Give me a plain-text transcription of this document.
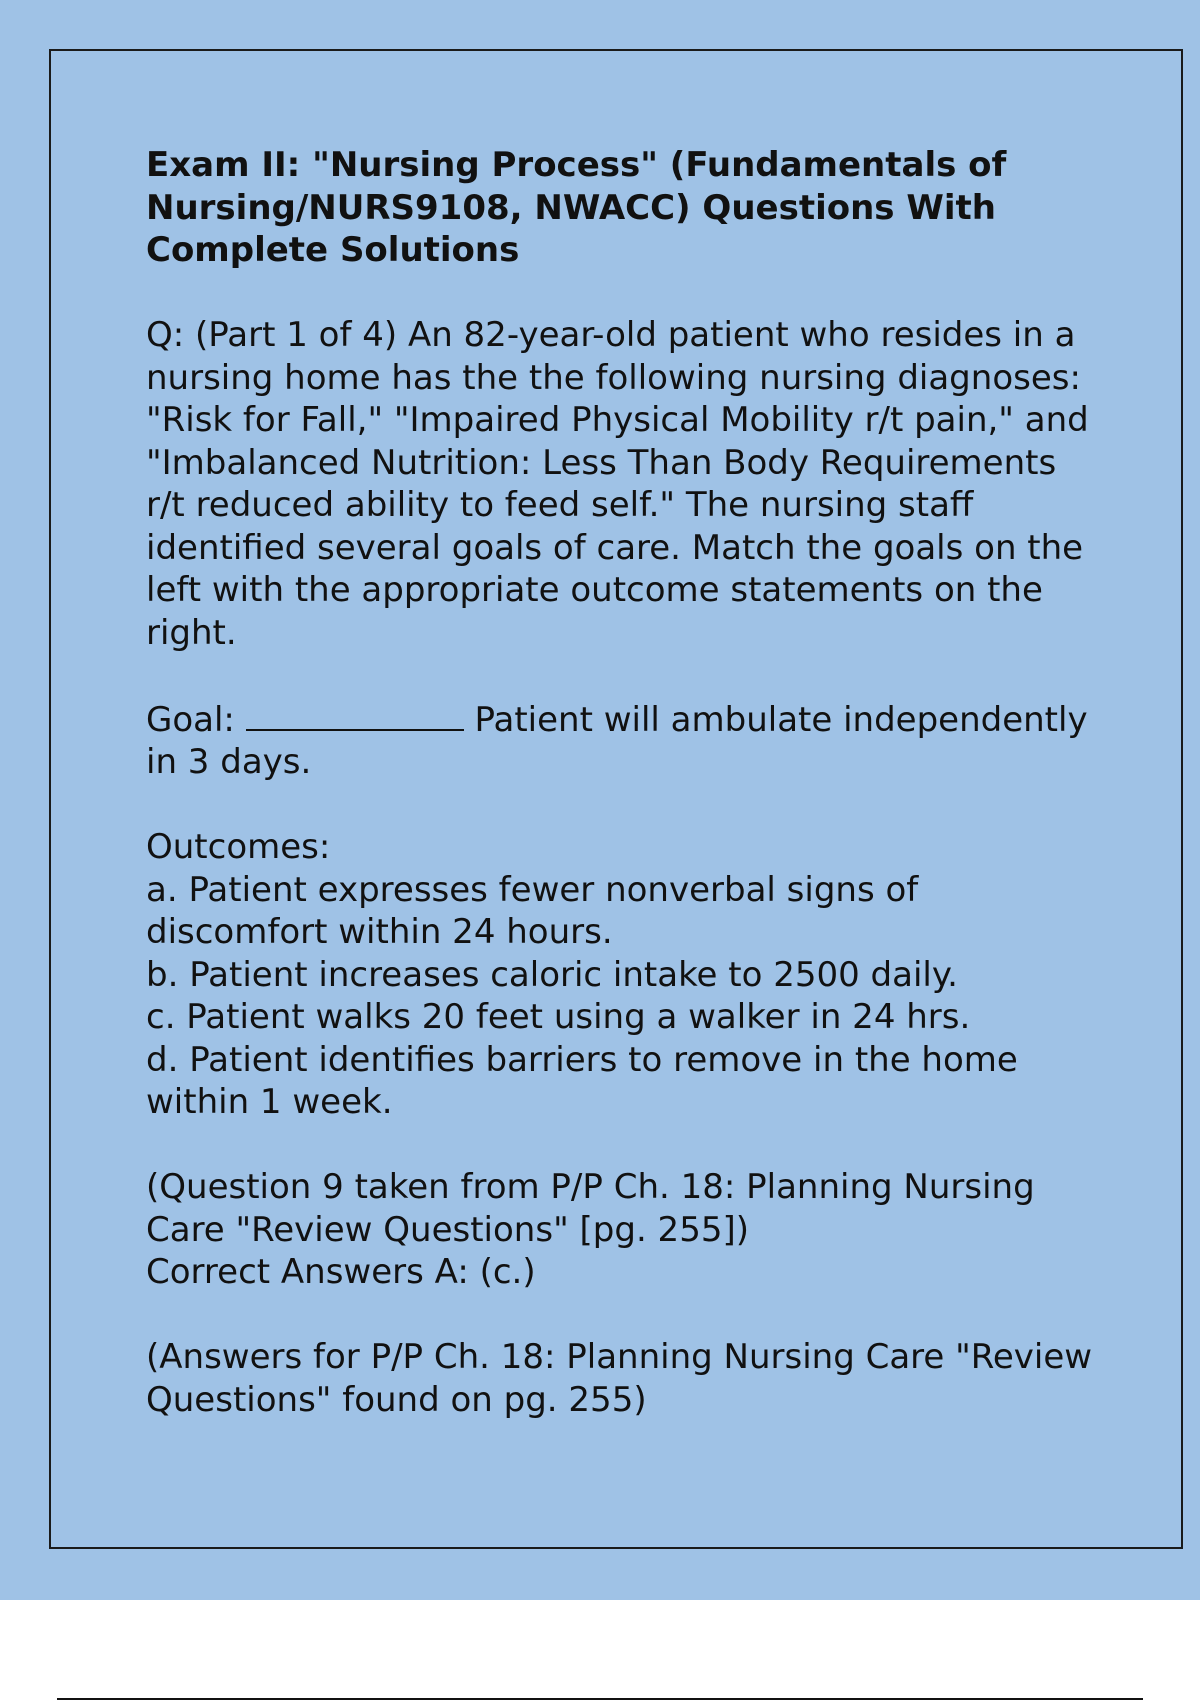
Exam II: "Nursing Process" (Fundamentals of Nursing/NURS9108, NWACC) Questions With Complete Solutions

Q: (Part 1 of 4) An 82-year-old patient who resides in a nursing home has the the following nursing diagnoses: "Risk for Fall," "Impaired Physical Mobility r/t pain," and "Imbalanced Nutrition: Less Than Body Requirements r/t reduced ability to feed self." The nursing staff identified several goals of care. Match the goals on the left with the appropriate outcome statements on the right.

Goal:	Patient will ambulate independently in 3 days.

Outcomes:

a. Patient expresses fewer nonverbal signs of discomfort within 24 hours.

b. Patient increases caloric intake to 2500 daily.

c. Patient walks 20 feet using a walker in 24 hrs.

d. Patient identifies barriers to remove in the home within 1 week.

(Question 9 taken from P/P Ch. 18: Planning Nursing Care "Review Questions" [pg. 255])

Correct Answers A: (c.)

(Answers for P/P Ch. 18: Planning Nursing Care "Review Questions" found on pg. 255)
